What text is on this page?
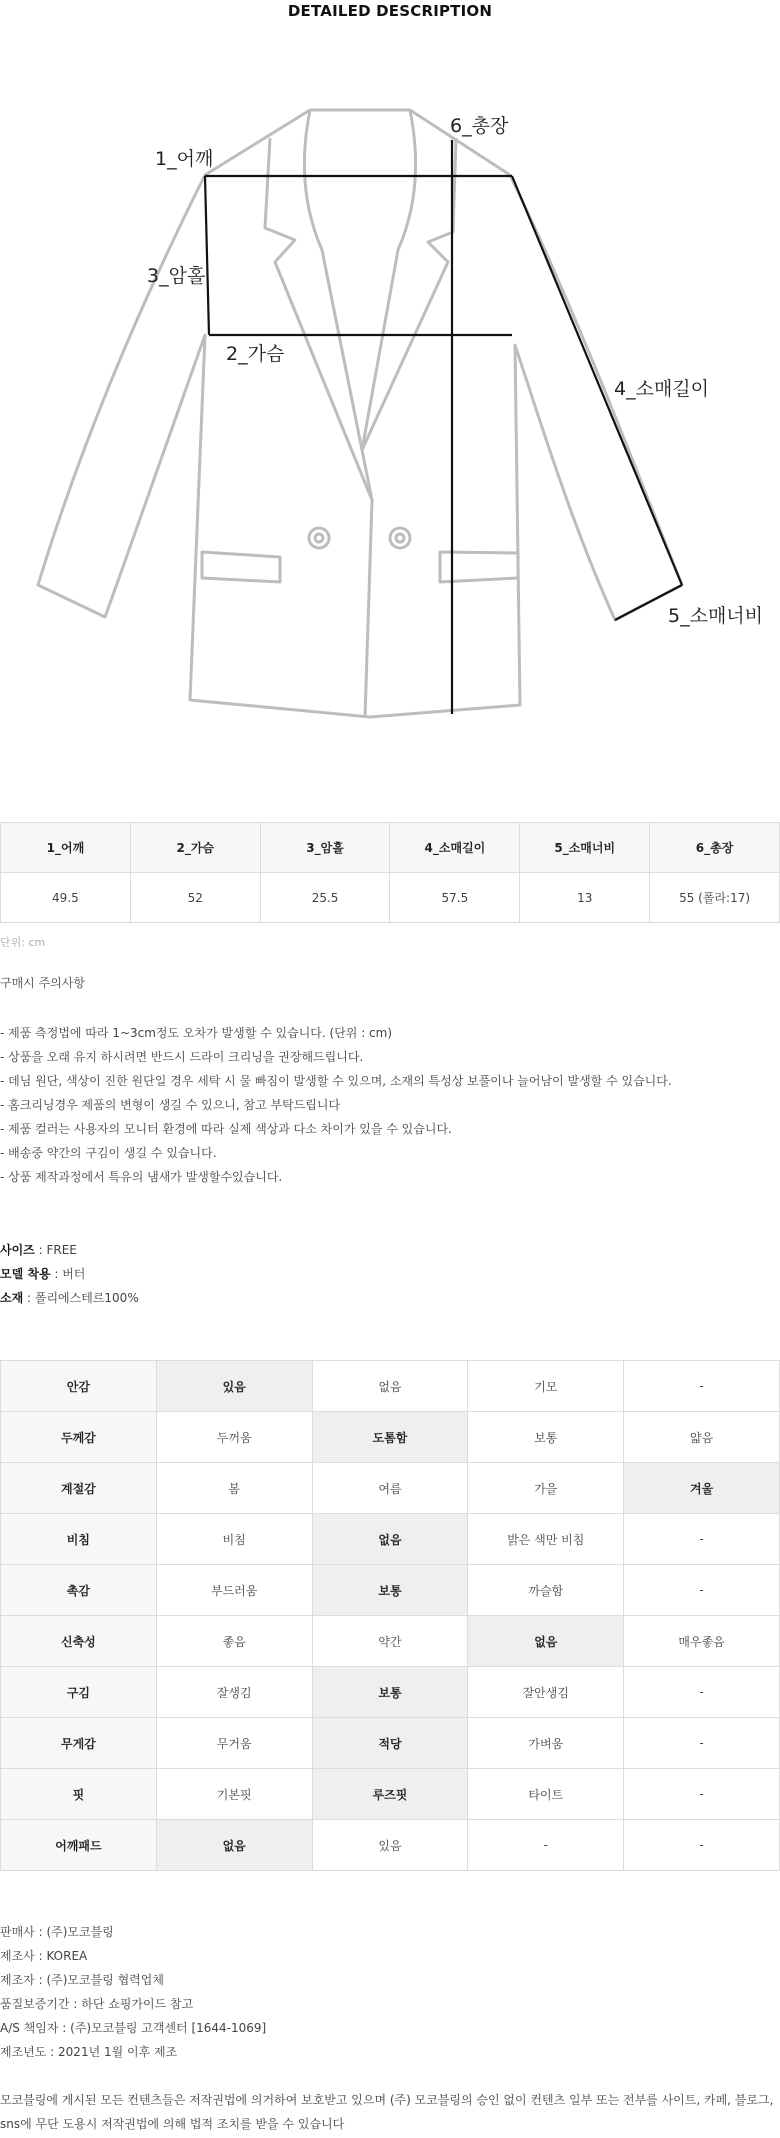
DETAILED DESCRIPTION
1_어깨
6_총장
3_암홀
2_가슴
4_소매길이
5_소매너비
1_어깨	2_가슴	3_암홀	4_소매길이	5_소매너비	6_총장
49.5	52	25.5	57.5	13	55 (폴라:17)
단위: cm
구매시 주의사항
- 제품 측정법에 따라 1~3cm정도 오차가 발생할 수 있습니다. (단위 : cm)
- 상품을 오래 유지 하시려면 반드시 드라이 크리닝을 권장해드립니다.
- 데님 원단, 색상이 진한 원단일 경우 세탁 시 물 빠짐이 발생할 수 있으며, 소재의 특성상 보풀이나 늘어남이 발생할 수 있습니다.
- 홈크리닝경우 제품의 변형이 생길 수 있으니, 참고 부탁드립니다
- 제품 컬러는 사용자의 모니터 환경에 따라 실제 색상과 다소 차이가 있을 수 있습니다.
- 배송중 약간의 구김이 생길 수 있습니다.
- 상품 제작과정에서 특유의 냄새가 발생할수있습니다.

사이즈 : FREE

모델 착용 : 버터

소재 : 폴리에스테르100%

안감	있음	없음	기모	-
두께감	두꺼움	도톰함	보통	얇음
계절감	봄	여름	가을	겨울
비침	비침	없음	밝은 색만 비침	-
촉감	부드러움	보통	까슬함	-
신축성	좋음	약간	없음	매우좋음
구김	잘생김	보통	잘안생김	-
무게감	무거움	적당	가벼움	-
핏	기본핏	루즈핏	타이트	-
어깨패드	없음	있음	-	-
판매사 : (주)모코블링
제조사 : KOREA
제조자 : (주)모코블링 협력업체
품질보증기간 : 하단 쇼핑가이드 참고
A/S 책임자 : (주)모코블링 고객센터 [1644-1069]
제조년도 : 2021년 1월 이후 제조
모코블링에 게시된 모든 컨텐츠들은 저작권법에 의거하여 보호받고 있으며 (주) 모코블링의 승인 없이 컨텐츠 일부 또는 전부를 사이트, 카페, 블로그, sns에 무단 도용시 저작권법에 의해 법적 조치를 받을 수 있습니다
